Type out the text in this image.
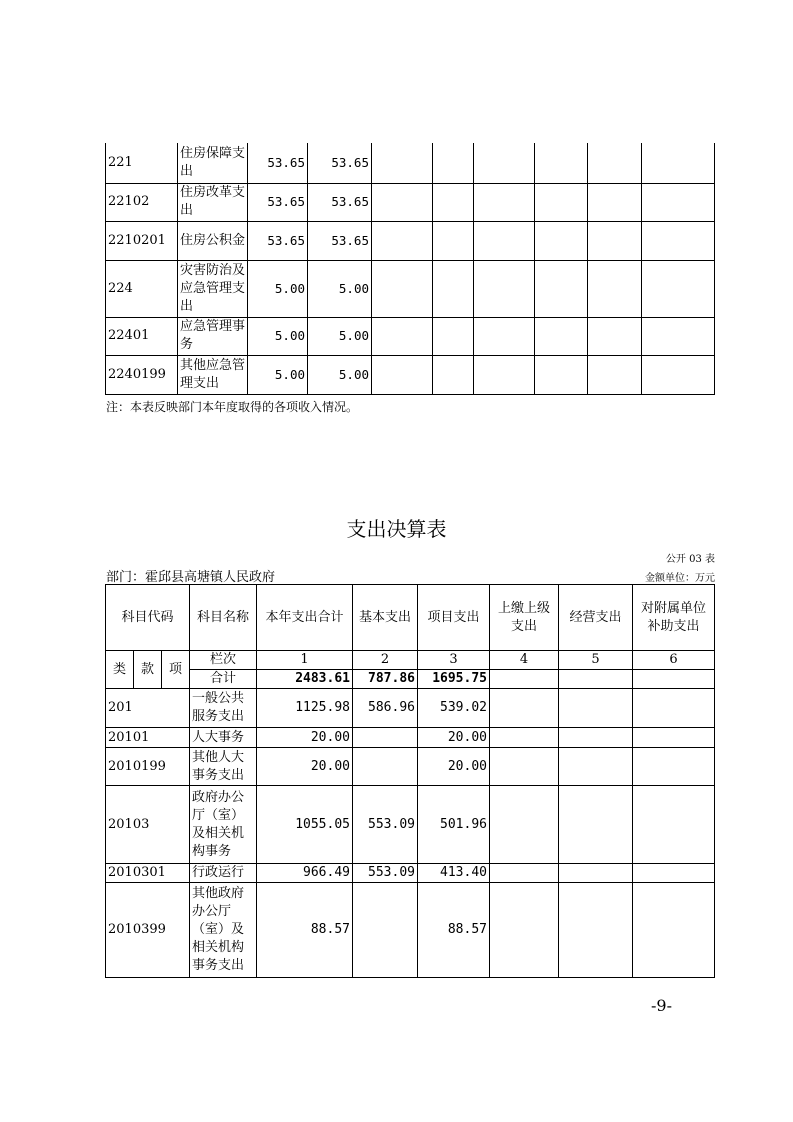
221	住房保障支出	53.65	53.65						
22102	住房改革支出	53.65	53.65						
2210201	住房公积金	53.65	53.65						
224	灾害防治及应急管理支出	5.00	5.00						
22401	应急管理事务	5.00	5.00						
2240199	其他应急管理支出	5.00	5.00						
注：本表反映部门本年度取得的各项收入情况。
支出决算表
公开 03 表
部门：霍邱县高塘镇人民政府	金额单位：万元
科目代码			科目名称	本年支出合计	基本支出	项目支出	上缴上级支出	经营支出	对附属单位补助支出
类	款	项	栏次	1	2	3	4	5	6
			合计	2483.61	787.86	1695.75			
201			一般公共服务支出	1125.98	586.96	539.02			
20101			人大事务	20.00		20.00			
2010199			其他人大事务支出	20.00		20.00			
20103			政府办公厅（室）及相关机构事务	1055.05	553.09	501.96			
2010301			行政运行	966.49	553.09	413.40			
2010399			其他政府办公厅（室）及相关机构事务支出	88.57		88.57			
-9-
